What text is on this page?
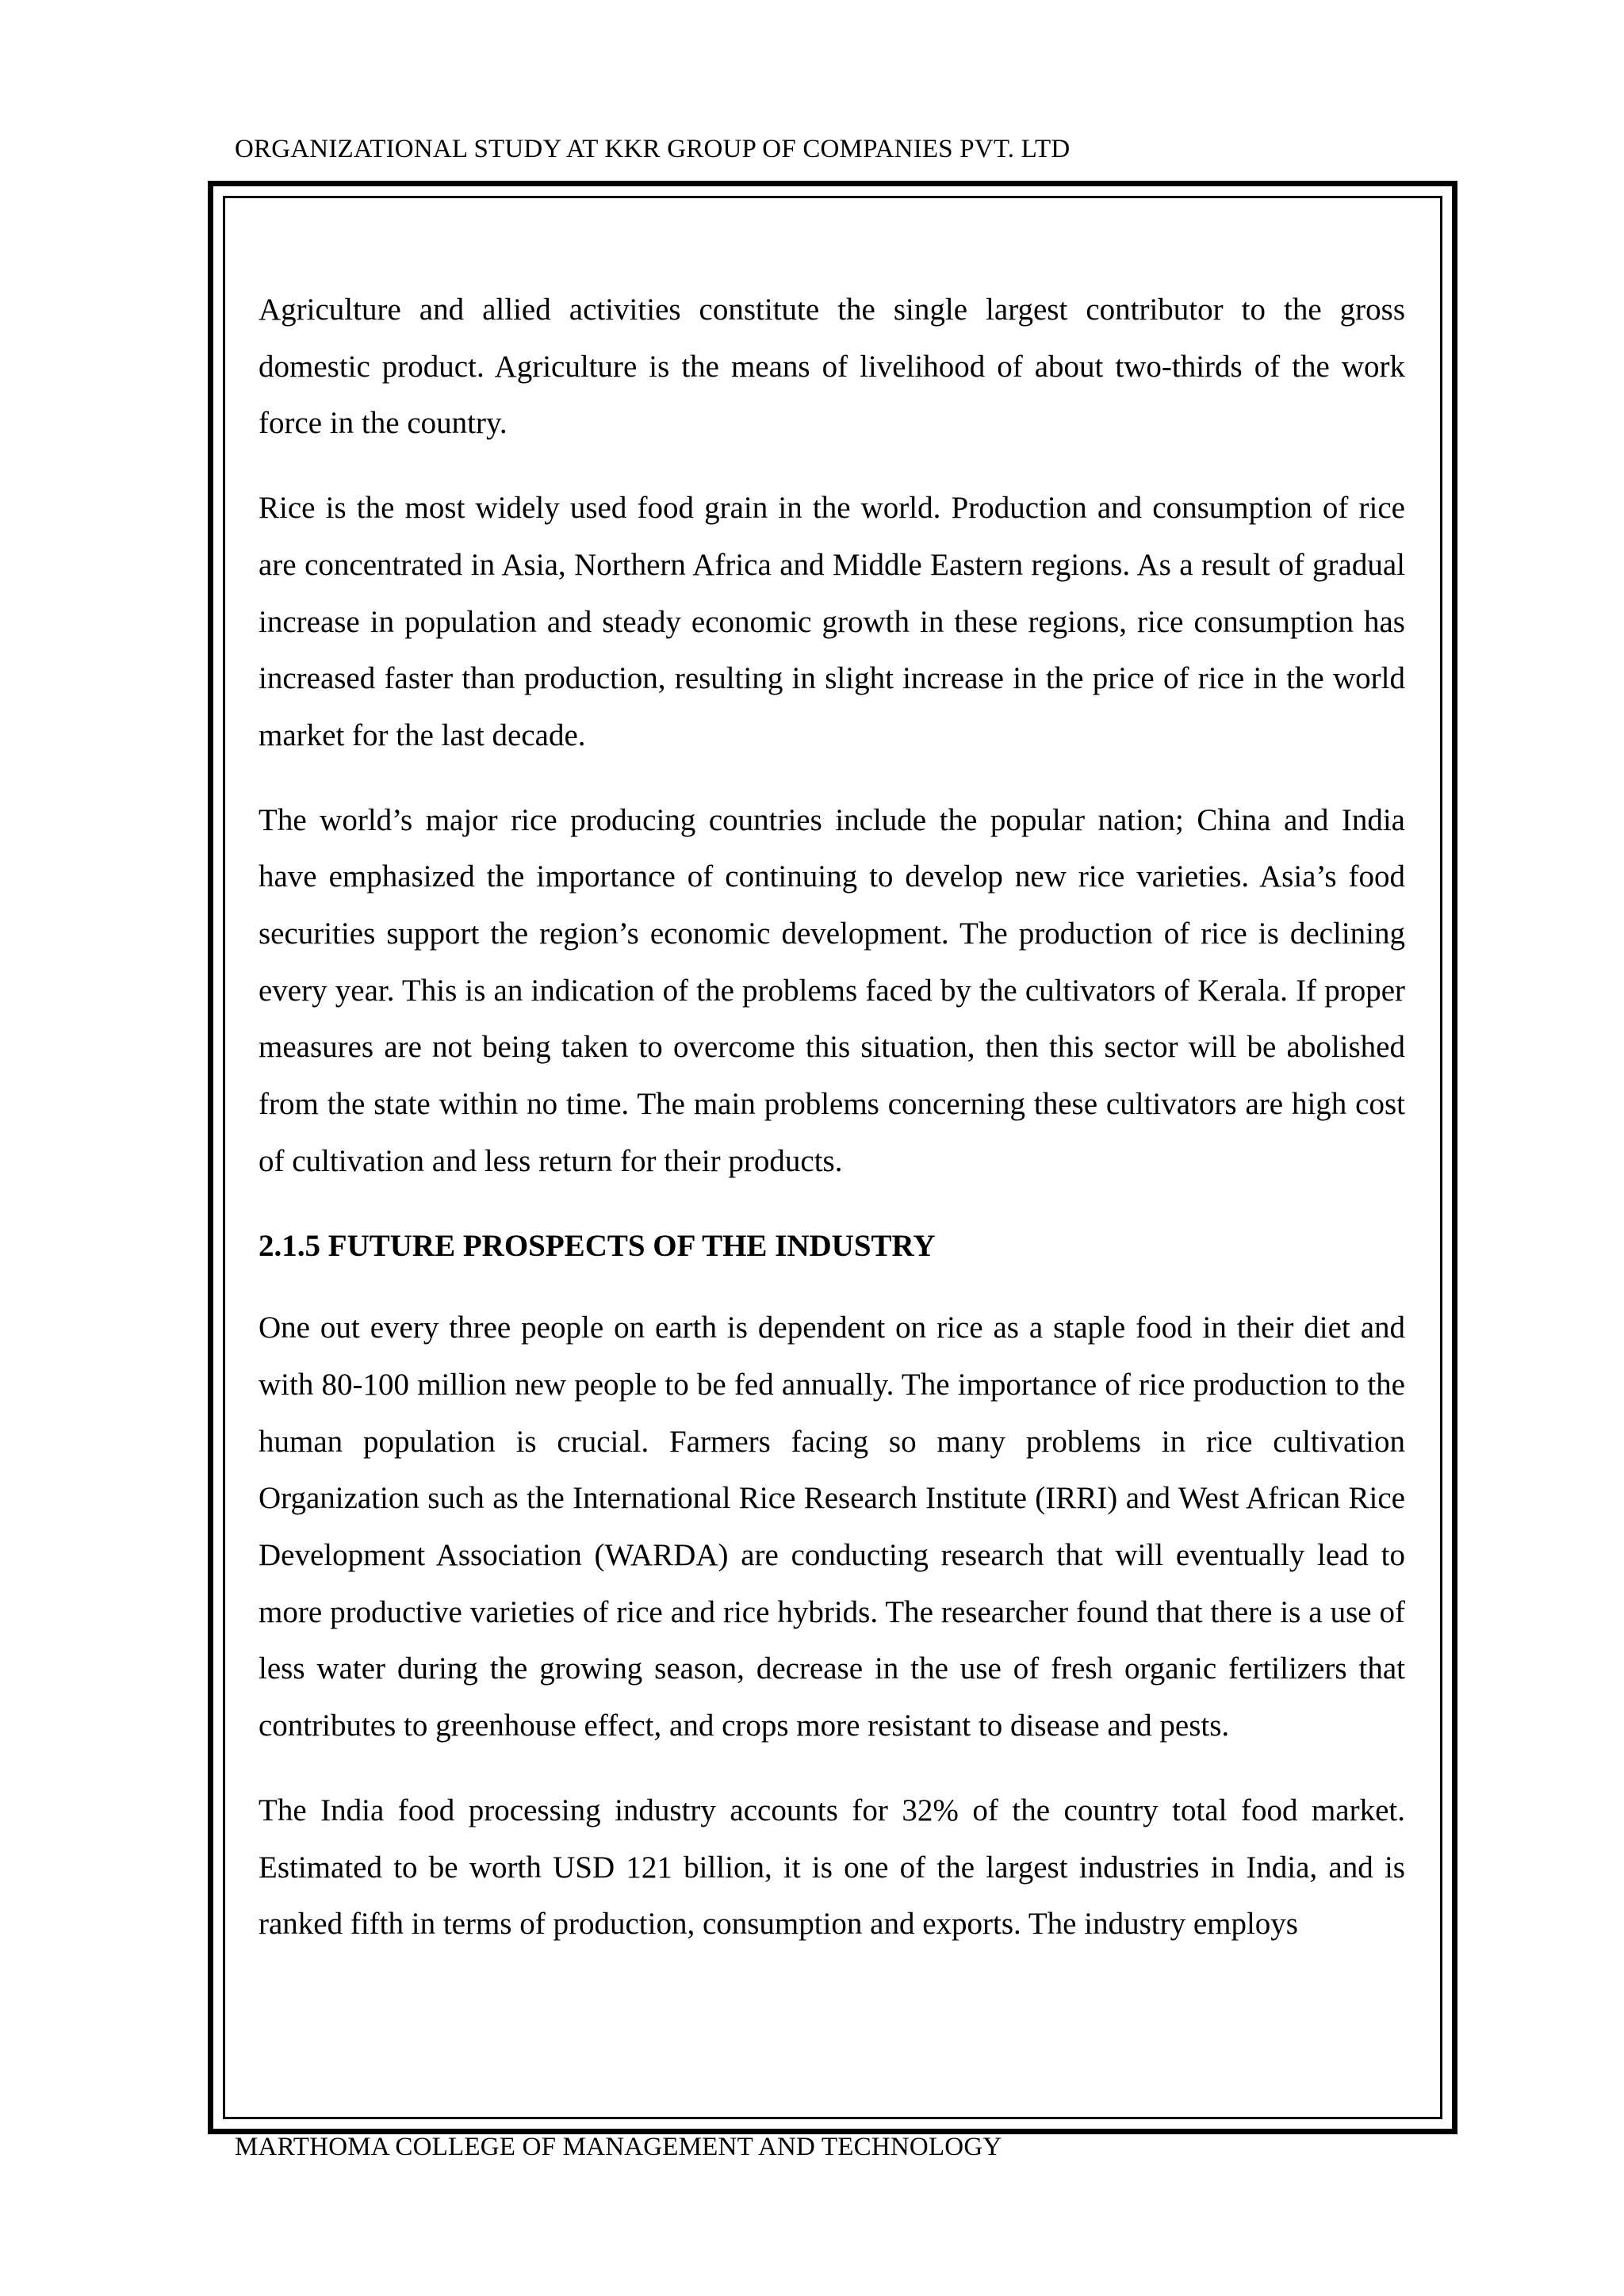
ORGANIZATIONAL STUDY AT KKR GROUP OF COMPANIES PVT. LTD

Agriculture and allied activities constitute the single largest contributor to the gross domestic product. Agriculture is the means of livelihood of about two-thirds of the work force in the country.

Rice is the most widely used food grain in the world. Production and consumption of rice are concentrated in Asia, Northern Africa and Middle Eastern regions. As a result of gradual increase in population and steady economic growth in these regions, rice consumption has increased faster than production, resulting in slight increase in the price of rice in the world market for the last decade.

The world’s major rice producing countries include the popular nation; China and India have emphasized the importance of continuing to develop new rice varieties. Asia’s food securities support the region’s economic development. The production of rice is declining every year. This is an indication of the problems faced by the cultivators of Kerala. If proper measures are not being taken to overcome this situation, then this sector will be abolished from the state within no time. The main problems concerning these cultivators are high cost of cultivation and less return for their products.

2.1.5 FUTURE PROSPECTS OF THE INDUSTRY

One out every three people on earth is dependent on rice as a staple food in their diet and with 80-100 million new people to be fed annually. The importance of rice production to the human population is crucial. Farmers facing so many problems in rice cultivation Organization such as the International Rice Research Institute (IRRI) and West African Rice Development Association (WARDA) are conducting research that will eventually lead to more productive varieties of rice and rice hybrids. The researcher found that there is a use of less water during the growing season, decrease in the use of fresh organic fertilizers that contributes to greenhouse effect, and crops more resistant to disease and pests.

The India food processing industry accounts for 32% of the country total food market. Estimated to be worth USD 121 billion, it is one of the largest industries in India, and is ranked fifth in terms of production, consumption and exports. The industry employs

MARTHOMA COLLEGE OF MANAGEMENT AND TECHNOLOGY
